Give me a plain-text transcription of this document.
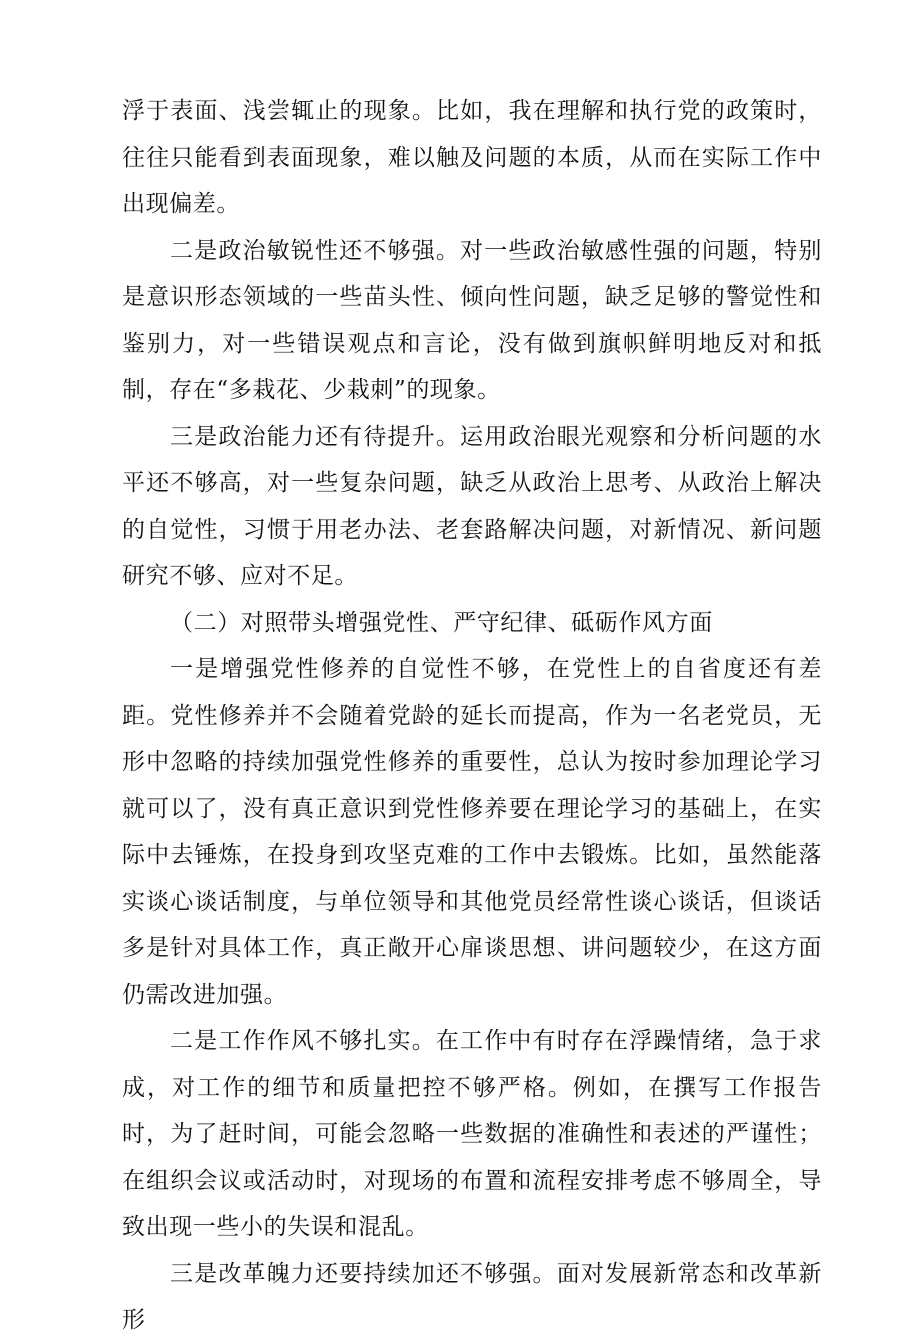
浮于表面、浅尝辄止的现象。比如，我在理解和执行党的政策时，往往只能看到表面现象，难以触及问题的本质，从而在实际工作中出现偏差。

二是政治敏锐性还不够强。对一些政治敏感性强的问题，特别是意识形态领域的一些苗头性、倾向性问题，缺乏足够的警觉性和鉴别力，对一些错误观点和言论，没有做到旗帜鲜明地反对和抵制，存在“多栽花、少栽刺”的现象。

三是政治能力还有待提升。运用政治眼光观察和分析问题的水平还不够高，对一些复杂问题，缺乏从政治上思考、从政治上解决的自觉性，习惯于用老办法、老套路解决问题，对新情况、新问题研究不够、应对不足。

（二）对照带头增强党性、严守纪律、砥砺作风方面

一是增强党性修养的自觉性不够，在党性上的自省度还有差距。党性修养并不会随着党龄的延长而提高，作为一名老党员，无形中忽略的持续加强党性修养的重要性，总认为按时参加理论学习就可以了，没有真正意识到党性修养要在理论学习的基础上，在实际中去锤炼，在投身到攻坚克难的工作中去锻炼。比如，虽然能落实谈心谈话制度，与单位领导和其他党员经常性谈心谈话，但谈话多是针对具体工作，真正敞开心扉谈思想、讲问题较少，在这方面仍需改进加强。

二是工作作风不够扎实。在工作中有时存在浮躁情绪，急于求成，对工作的细节和质量把控不够严格。例如，在撰写工作报告时，为了赶时间，可能会忽略一些数据的准确性和表述的严谨性；在组织会议或活动时，对现场的布置和流程安排考虑不够周全，导致出现一些小的失误和混乱。

三是改革魄力还要持续加还不够强。面对发展新常态和改革新形
